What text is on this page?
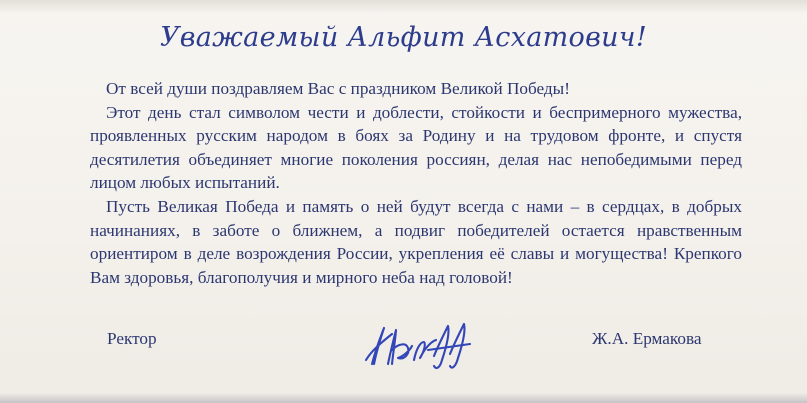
Уважаемый Альфит Асхатович!

От всей души поздравляем Вас с праздником Великой Победы!

Этот день стал символом чести и доблести, стойкости и беспримерного мужества, проявленных русским народом в боях за Родину и на трудовом фронте, и спустя десятилетия объединяет многие поколения россиян, делая нас непобедимыми перед лицом любых испытаний.

Пусть Великая Победа и память о ней будут всегда с нами – в сердцах, в добрых начинаниях, в заботе о ближнем, а подвиг победителей остается нравственным ориентиром в деле возрождения России, укрепления её славы и могущества! Крепкого Вам здоровья, благополучия и мирного неба над головой!

Ректор	Ж.А. Ермакова
